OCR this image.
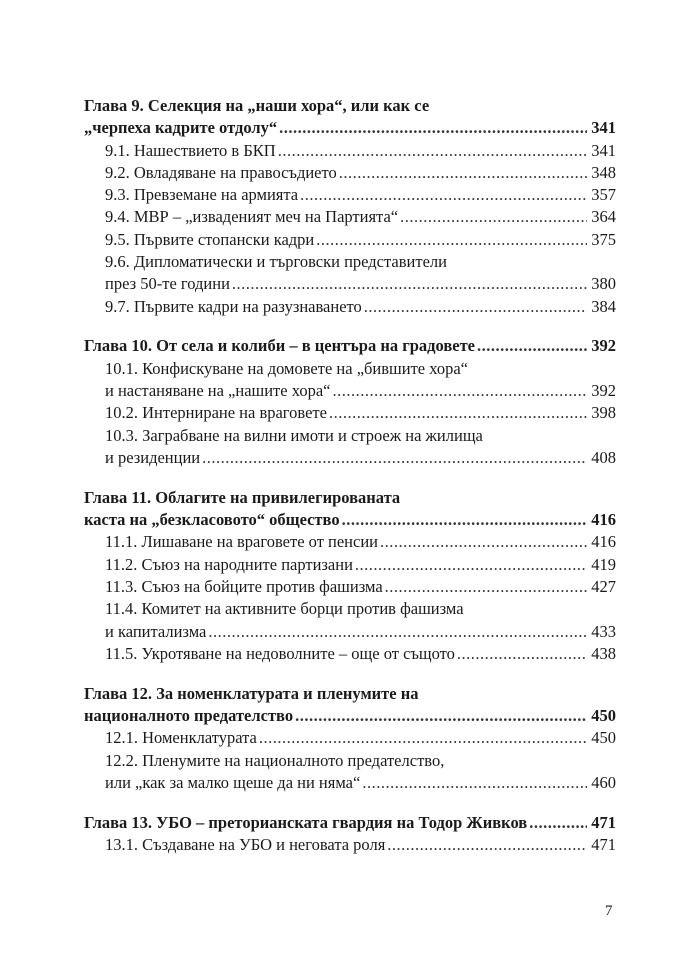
Глава 9. Селекция на „наши хора“, или как се
„черпеха кадрите отдолу“ .....	341
9.1. Нашествието в БКП .....	341
9.2. Овладяване на правосъдието .....	348
9.3. Превземане на армията .....	357
9.4. МВР – „изваденият меч на Партията“ .....	364
9.5. Първите стопански кадри .....	375
9.6. Дипломатически и търговски представители
през 50-те години .....	380
9.7. Първите кадри на разузнаването .....	384
Глава 10. От села и колиби – в центъра на градовете .....	392
10.1. Конфискуване на домовете на „бившите хора“
и настаняване на „нашите хора“ .....	392
10.2. Интерниране на враговете .....	398
10.3. Заграбване на вилни имоти и строеж на жилища
и резиденции .....	408
Глава 11. Облагите на привилегированата
каста на „безкласовото“ общество .....	416
11.1. Лишаване на враговете от пенсии .....	416
11.2. Съюз на народните партизани .....	419
11.3. Съюз на бойците против фашизма .....	427
11.4. Комитет на активните борци против фашизма
и капитализма .....	433
11.5. Укротяване на недоволните – още от същото .....	438
Глава 12. За номенклатурата и пленумите на
националното предателство .....	450
12.1. Номенклатурата .....	450
12.2. Пленумите на националното предателство,
или „как за малко щеше да ни няма“ .....	460
Глава 13. УБО – преторианската гвардия на Тодор Живков .....	471
13.1. Създаване на УБО и неговата роля .....	471
7
